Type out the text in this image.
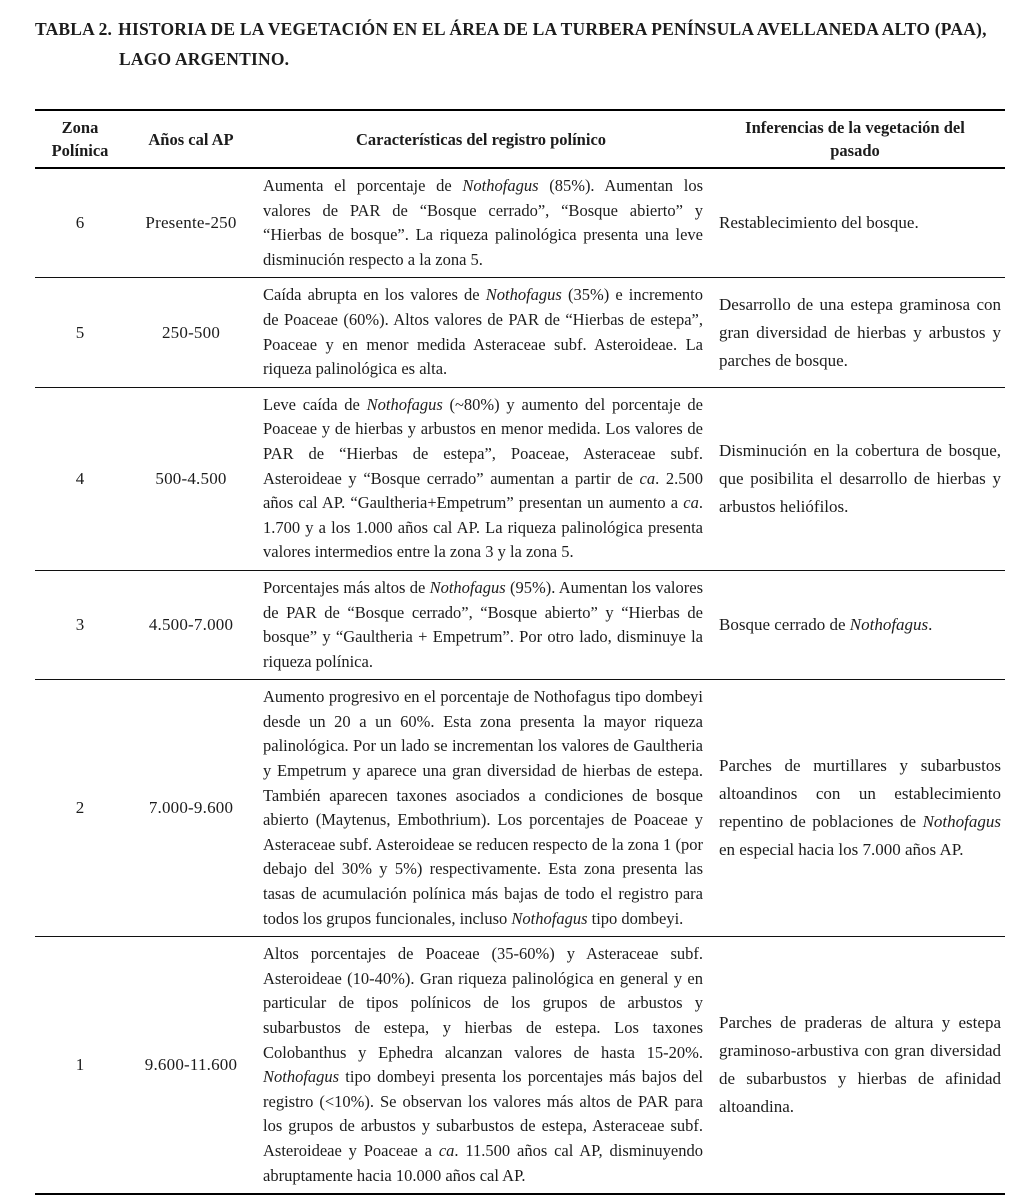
TABLA 2. HISTORIA DE LA VEGETACIÓN EN EL ÁREA DE LA TURBERA PENÍNSULA AVELLANEDA ALTO (PAA), LAGO ARGENTINO.

Zona Polínica	Años cal AP	Características del registro polínico	Inferencias de la vegetación del pasado
6	Presente-250	Aumenta el porcentaje de Nothofagus (85%). Aumentan los valores de PAR de “Bosque cerrado”, “Bosque abierto” y “Hierbas de bosque”. La riqueza palinológica presenta una leve disminución respecto a la zona 5.	Restablecimiento del bosque.
5	250-500	Caída abrupta en los valores de Nothofagus (35%) e incremento de Poaceae (60%). Altos valores de PAR de “Hierbas de estepa”, Poaceae y en menor medida Asteraceae subf. Asteroideae. La riqueza palinológica es alta.	Desarrollo de una estepa graminosa con gran diversidad de hierbas y arbustos y parches de bosque.
4	500-4.500	Leve caída de Nothofagus (~80%) y aumento del porcentaje de Poaceae y de hierbas y arbustos en menor medida. Los valores de PAR de “Hierbas de estepa”, Poaceae, Asteraceae subf. Asteroideae y “Bosque cerrado” aumentan a partir de ca. 2.500 años cal AP. “Gaultheria+Empetrum” presentan un aumento a ca. 1.700 y a los 1.000 años cal AP. La riqueza palinológica presenta valores intermedios entre la zona 3 y la zona 5.	Disminución en la cobertura de bosque, que posibilita el desarrollo de hierbas y arbustos heliófilos.
3	4.500-7.000	Porcentajes más altos de Nothofagus (95%). Aumentan los valores de PAR de “Bosque cerrado”, “Bosque abierto” y “Hierbas de bosque” y “Gaultheria + Empetrum”. Por otro lado, disminuye la riqueza polínica.	Bosque cerrado de Nothofagus.
2	7.000-9.600	Aumento progresivo en el porcentaje de Nothofagus tipo dombeyi desde un 20 a un 60%. Esta zona presenta la mayor riqueza palinológica. Por un lado se incrementan los valores de Gaultheria y Empetrum y aparece una gran diversidad de hierbas de estepa. También aparecen taxones asociados a condiciones de bosque abierto (Maytenus, Embothrium). Los porcentajes de Poaceae y Asteraceae subf. Asteroideae se reducen respecto de la zona 1 (por debajo del 30% y 5%) respectivamente. Esta zona presenta las tasas de acumulación polínica más bajas de todo el registro para todos los grupos funcionales, incluso Nothofagus tipo dombeyi.	Parches de murtillares y subarbustos altoandinos con un establecimiento repentino de poblaciones de Nothofagus en especial hacia los 7.000 años AP.
1	9.600-11.600	Altos porcentajes de Poaceae (35-60%) y Asteraceae subf. Asteroideae (10-40%). Gran riqueza palinológica en general y en particular de tipos polínicos de los grupos de arbustos y subarbustos de estepa, y hierbas de estepa. Los taxones Colobanthus y Ephedra alcanzan valores de hasta 15-20%. Nothofagus tipo dombeyi presenta los porcentajes más bajos del registro (<10%). Se observan los valores más altos de PAR para los grupos de arbustos y subarbustos de estepa, Asteraceae subf. Asteroideae y Poaceae a ca. 11.500 años cal AP, disminuyendo abruptamente hacia 10.000 años cal AP.	Parches de praderas de altura y estepa graminoso-arbustiva con gran diversidad de subarbustos y hierbas de afinidad altoandina.
